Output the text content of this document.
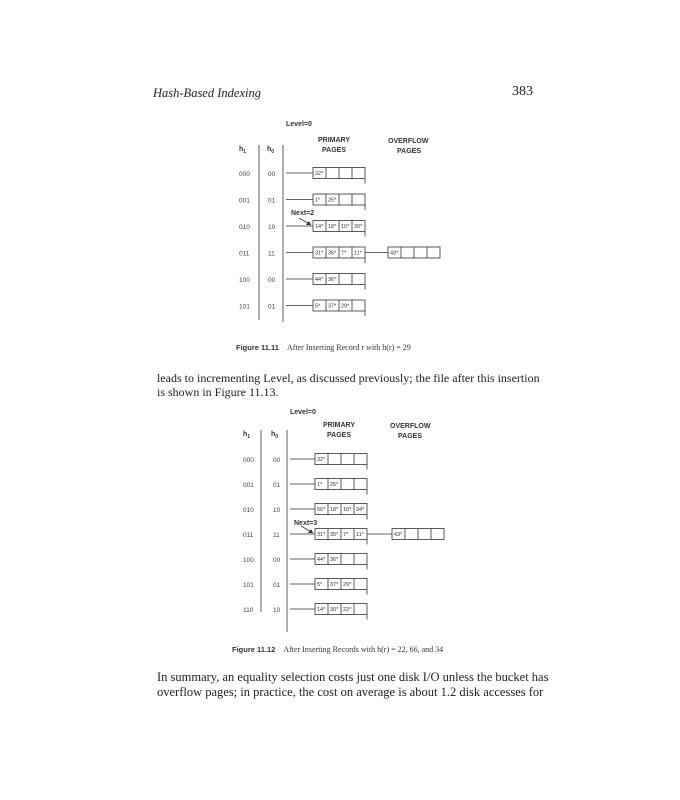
Hash-Based Indexing	383
Level=0
PRIMARY
PAGES
OVERFLOW
PAGES
$h_1$	$h_0$
Next=2
000	00	32*
001	01	1* 25*
010	10	14* 18* 10* 30*
011	11	31* 35* 7* 11*	43*
100	00	44* 36*
101	01	5* 37* 29*
Figure 11.11 After Inserting Record r with h(r) = 29
Level=0
PRIMARY
PAGES
OVERFLOW
PAGES
$h_1$	$h_0$
Next=3
000	00	32*
001	01	1* 25*
010	10	66* 18* 10* 34*
011	11	31* 35* 7* 11*	43*
100	00	44* 36*
101	01	5* 37* 29*
110	10	14* 30* 22*
Figure 11.12 After Inserting Records with h(r) = 22, 66, and 34
leads to incrementing Level, as discussed previously; the file after this insertion
is shown in Figure 11.13.
In summary, an equality selection costs just one disk I/O unless the bucket has
overflow pages; in practice, the cost on average is about 1.2 disk accesses for
